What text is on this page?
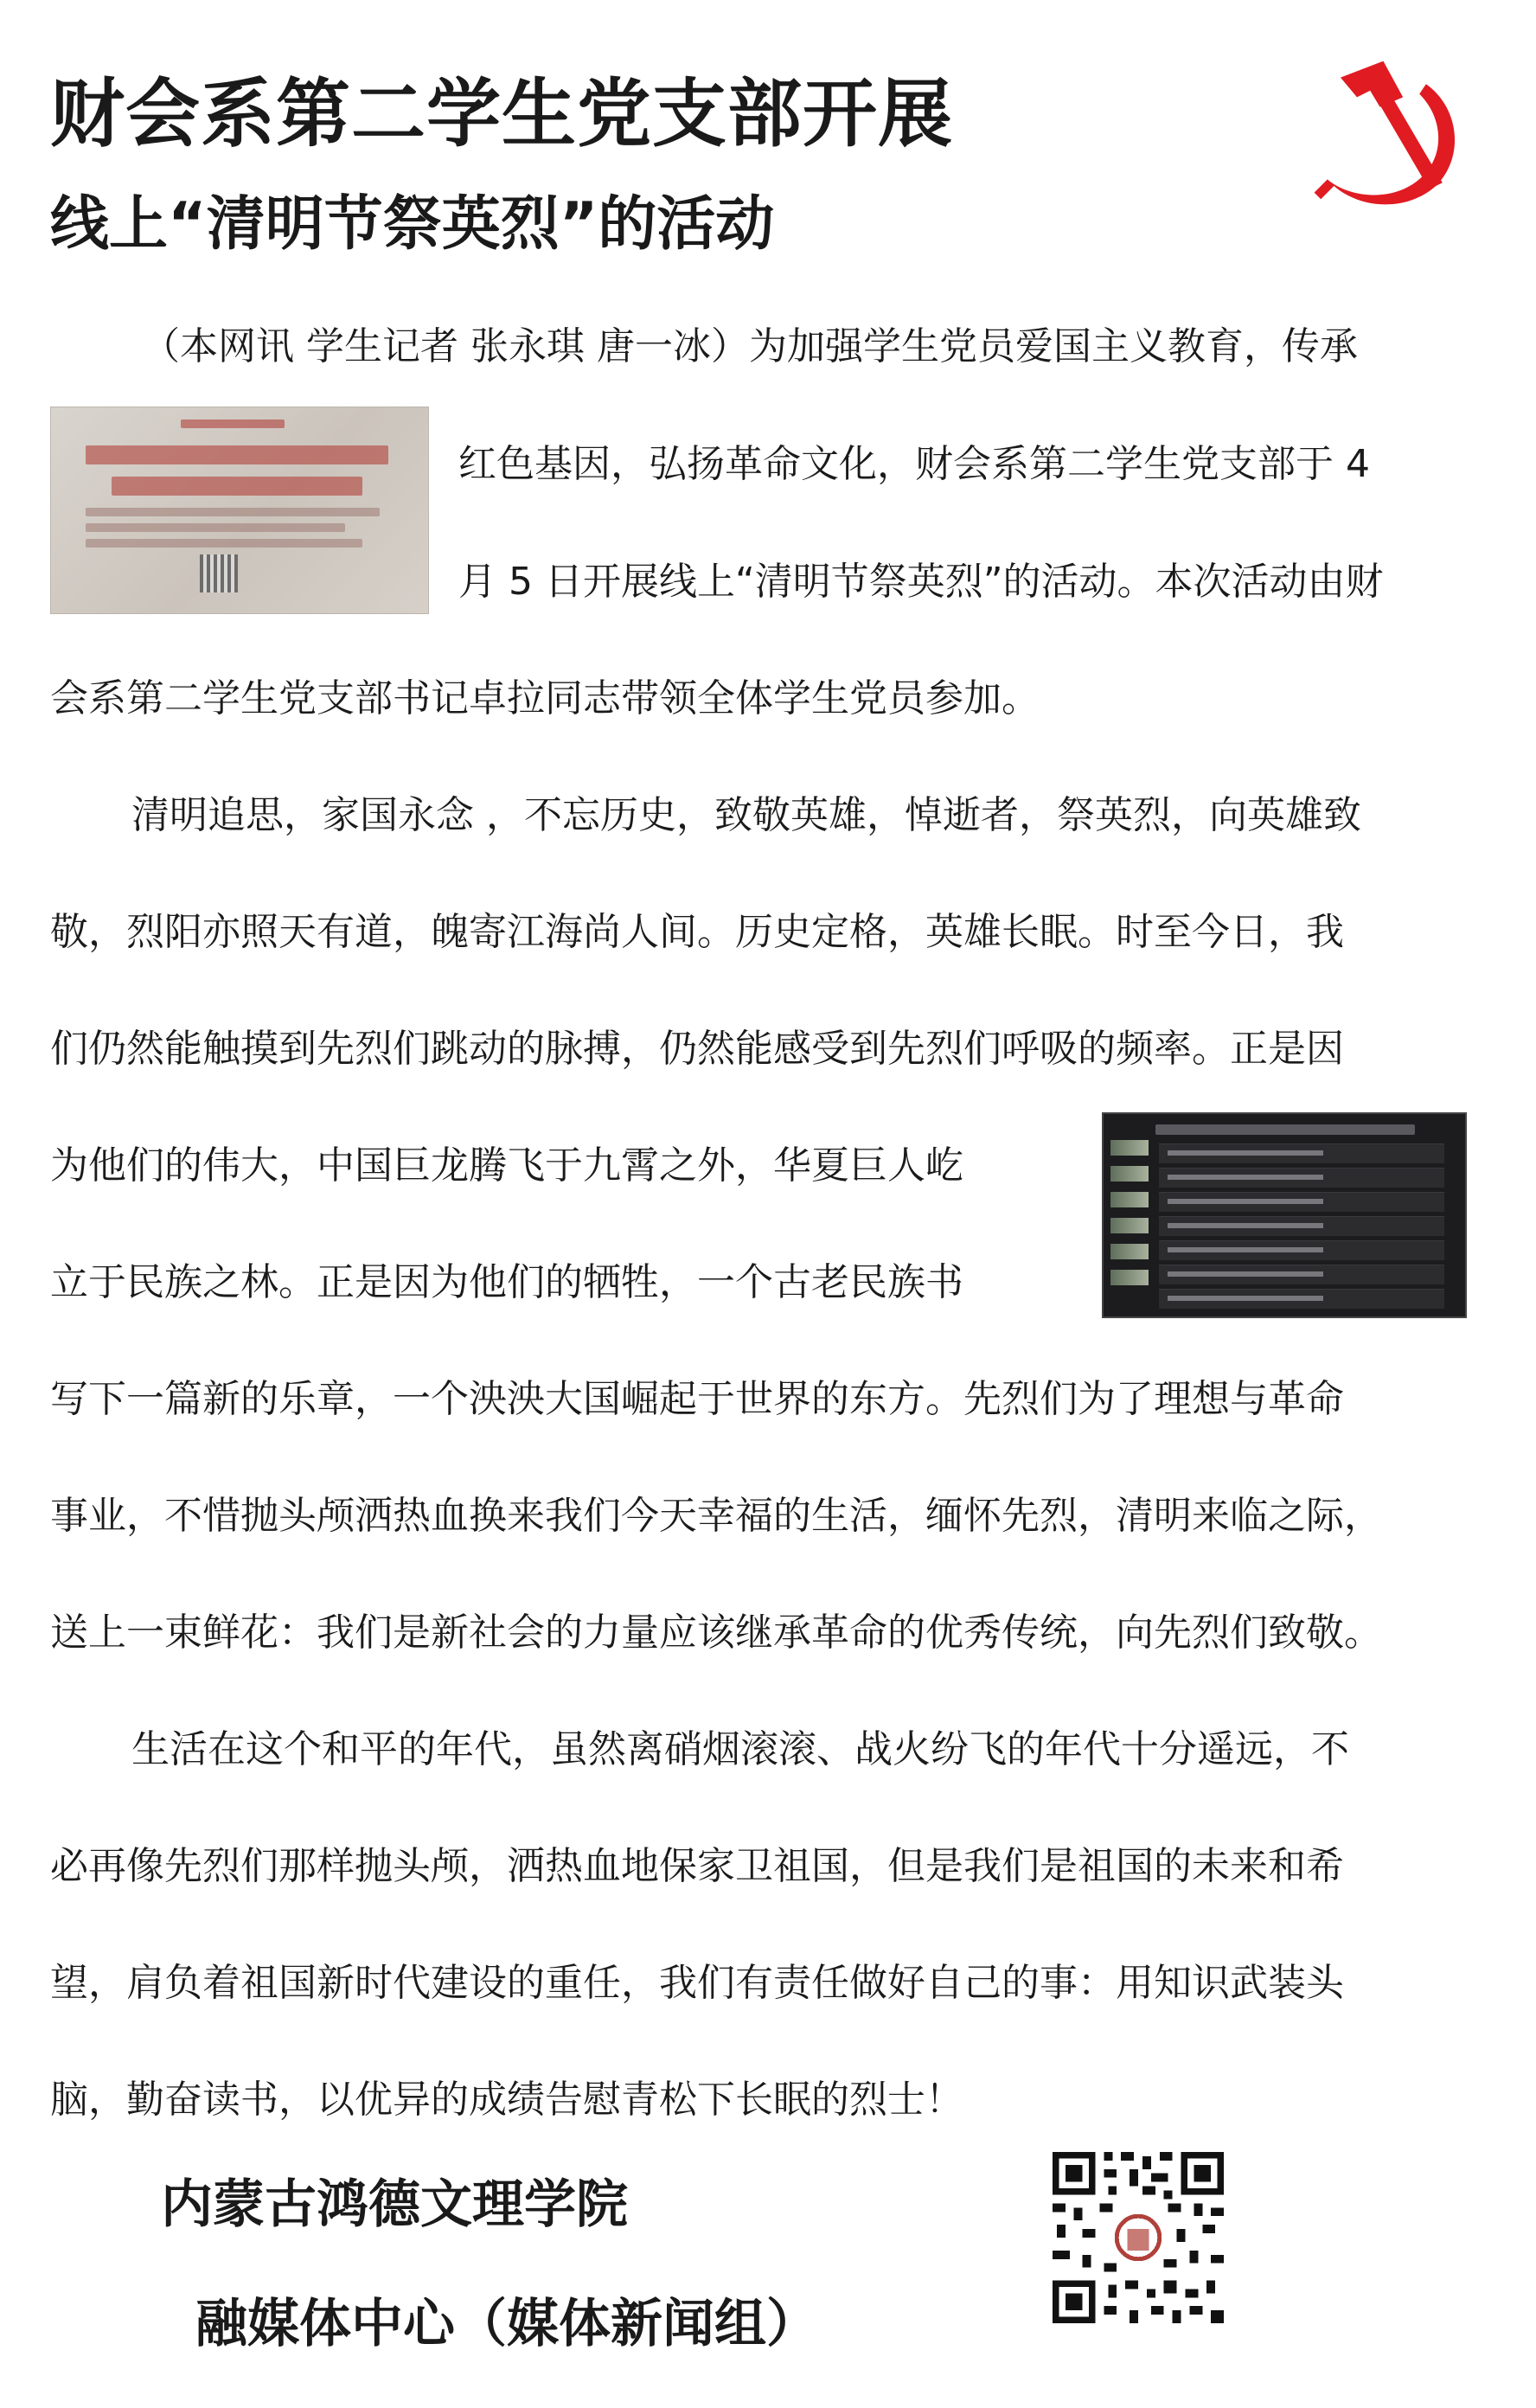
财会系第二学生党支部开展
线上“清明节祭英烈”的活动
（本网讯 学生记者 张永琪 唐一冰）为加强学生党员爱国主义教育，传承
红色基因，弘扬革命文化，财会系第二学生党支部于 4
月 5 日开展线上“清明节祭英烈”的活动。本次活动由财
会系第二学生党支部书记卓拉同志带领全体学生党员参加。
清明追思，家国永念 ，不忘历史，致敬英雄，悼逝者，祭英烈，向英雄致
敬，烈阳亦照天有道，魄寄江海尚人间。历史定格，英雄长眠。时至今日，我
们仍然能触摸到先烈们跳动的脉搏，仍然能感受到先烈们呼吸的频率。正是因
为他们的伟大，中国巨龙腾飞于九霄之外，华夏巨人屹
立于民族之林。正是因为他们的牺牲，一个古老民族书
写下一篇新的乐章，一个泱泱大国崛起于世界的东方。先烈们为了理想与革命
事业，不惜抛头颅洒热血换来我们今天幸福的生活，缅怀先烈，清明来临之际，
送上一束鲜花：我们是新社会的力量应该继承革命的优秀传统，向先烈们致敬。
生活在这个和平的年代，虽然离硝烟滚滚、战火纷飞的年代十分遥远，不
必再像先烈们那样抛头颅，洒热血地保家卫祖国，但是我们是祖国的未来和希
望，肩负着祖国新时代建设的重任，我们有责任做好自己的事：用知识武装头
脑，勤奋读书，以优异的成绩告慰青松下长眠的烈士！
内蒙古鸿德文理学院
融媒体中心（媒体新闻组）
